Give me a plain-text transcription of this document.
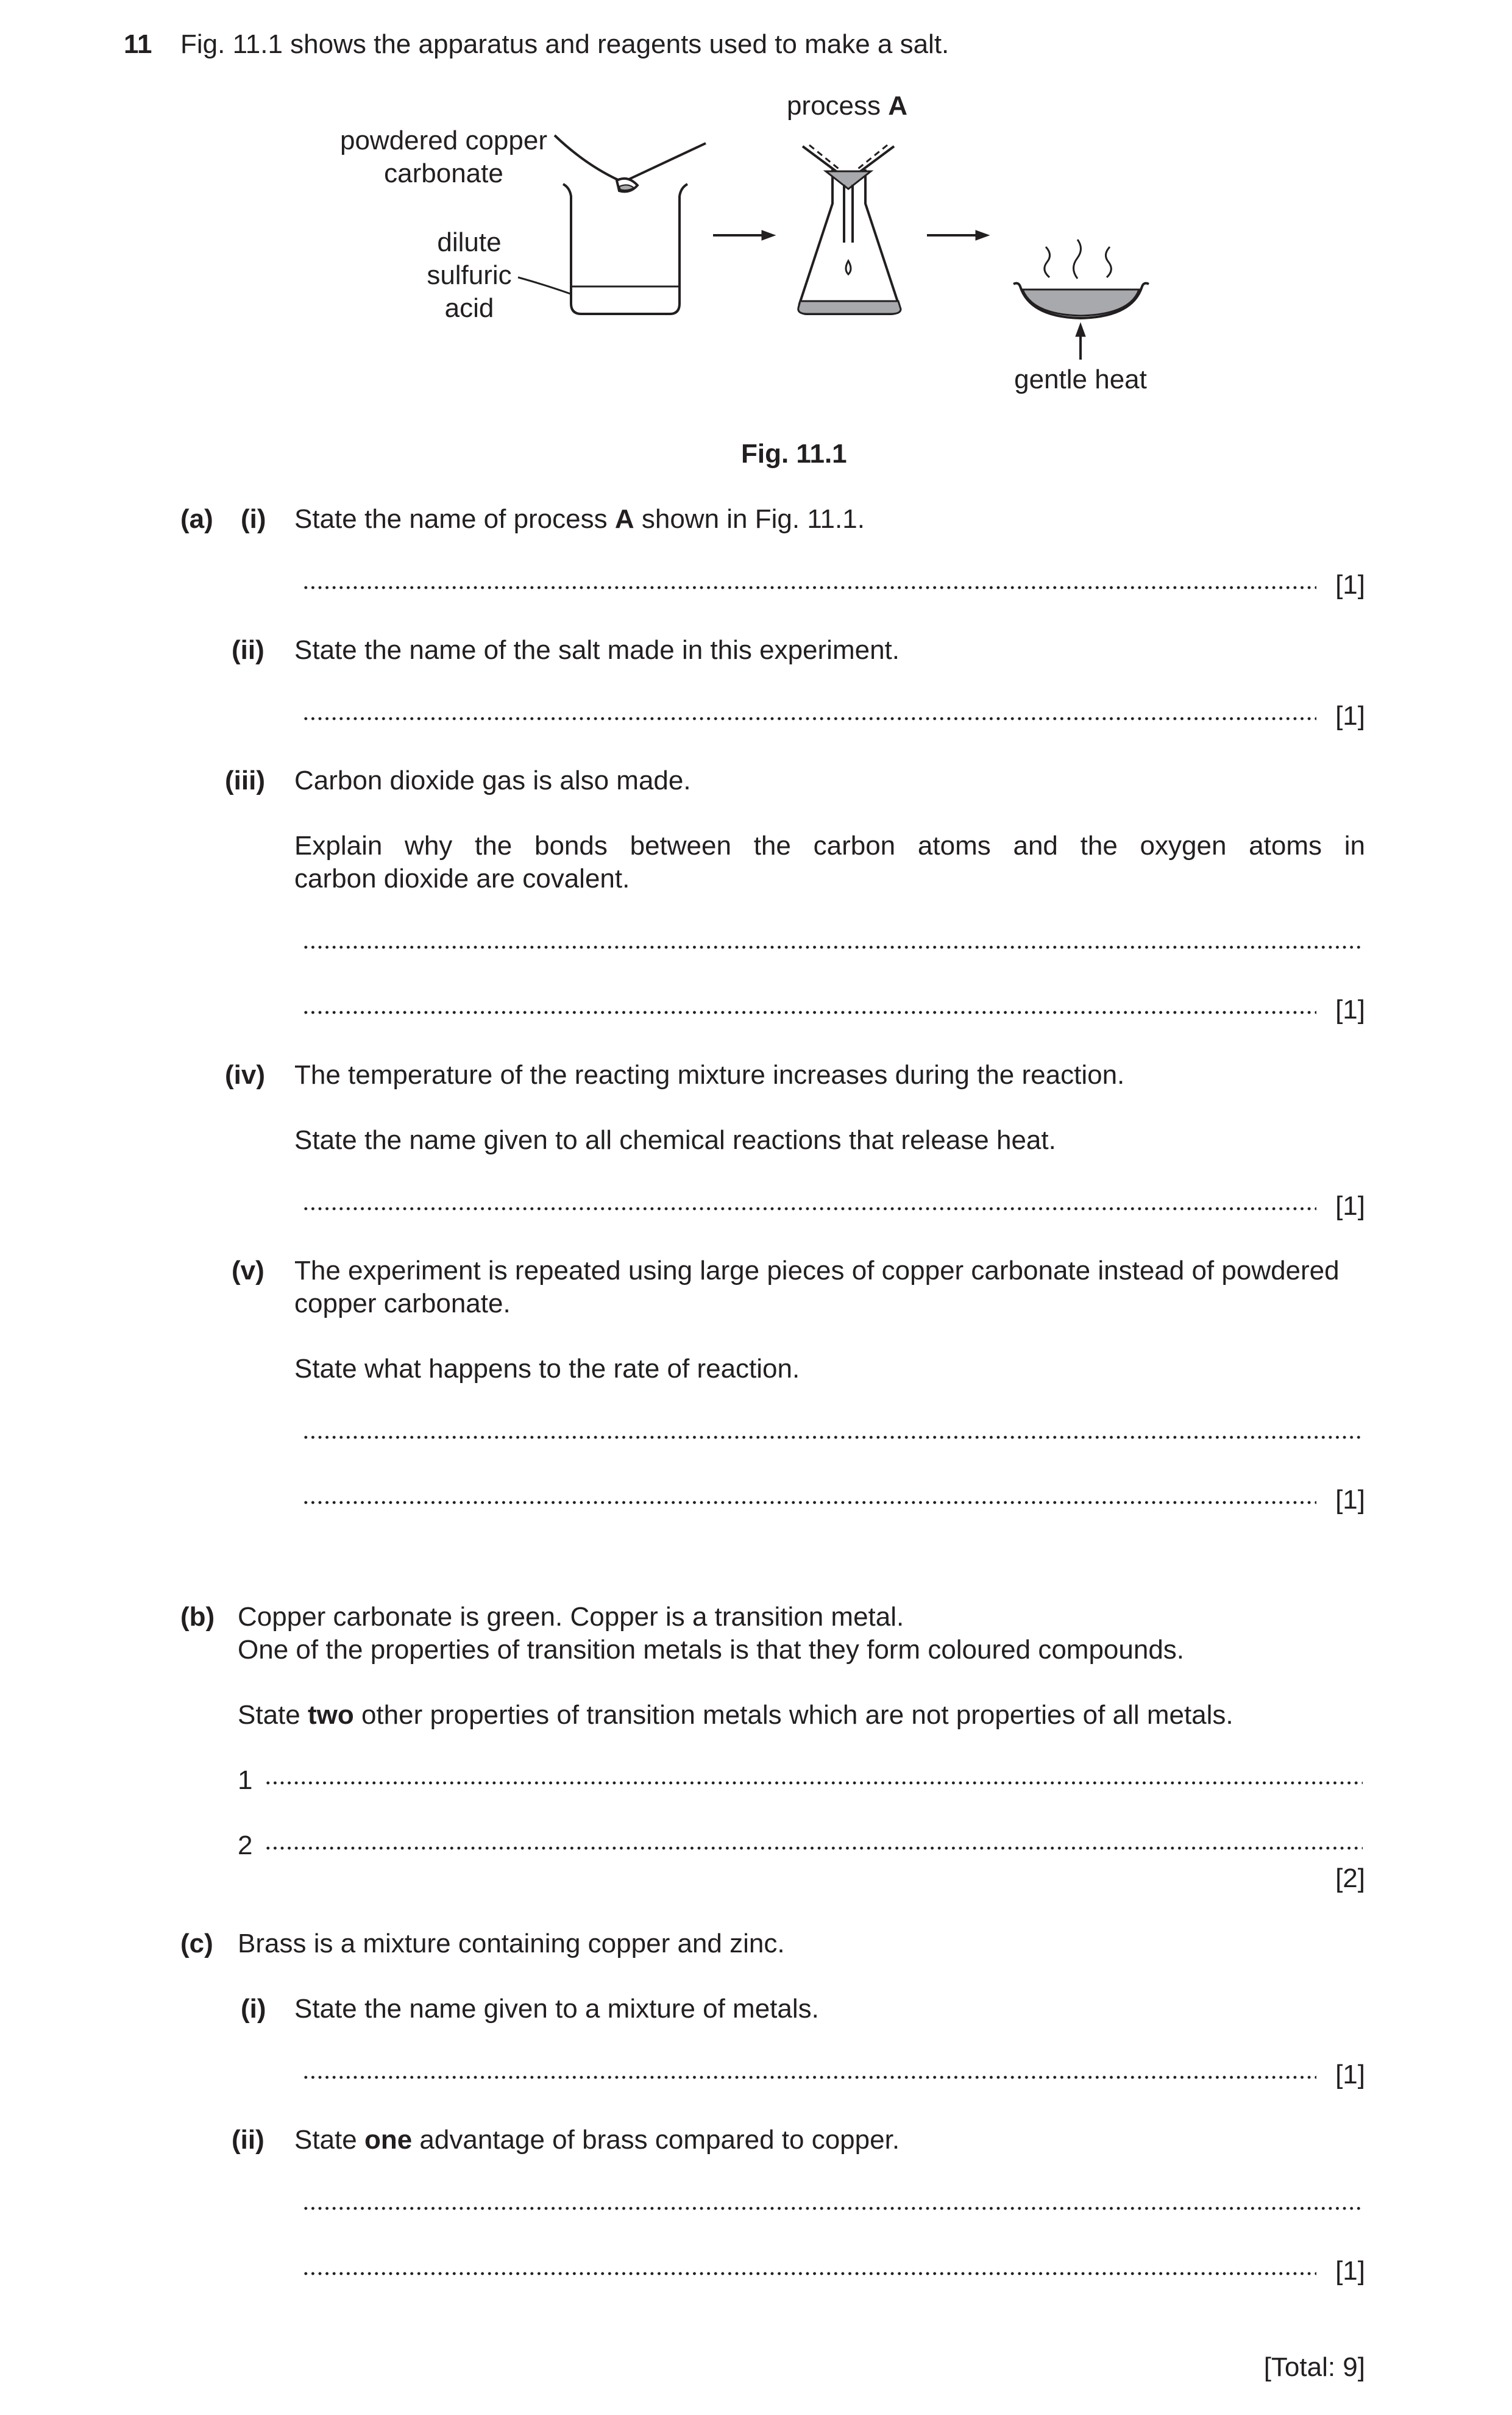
11 Fig. 11.1 shows the apparatus and reagents used to make a salt.
powdered copper
carbonate
dilute
sulfuric
acid
process A
gentle heat
Fig. 11.1
(a) (i) State the name of process A shown in Fig. 11.1.
[1]
(ii) State the name of the salt made in this experiment.
[1]
(iii) Carbon dioxide gas is also made.
Explain why the bonds between the carbon atoms and the oxygen atoms in
carbon dioxide are covalent.
[1]
(iv) The temperature of the reacting mixture increases during the reaction.
State the name given to all chemical reactions that release heat.
[1]
(v) The experiment is repeated using large pieces of copper carbonate instead of powdered
copper carbonate.
State what happens to the rate of reaction.
[1]
(b) Copper carbonate is green. Copper is a transition metal.
One of the properties of transition metals is that they form coloured compounds.
State two other properties of transition metals which are not properties of all metals.
1
2
[2]
(c) Brass is a mixture containing copper and zinc.
(i) State the name given to a mixture of metals.
[1]
(ii) State one advantage of brass compared to copper.
[1]
[Total: 9]
